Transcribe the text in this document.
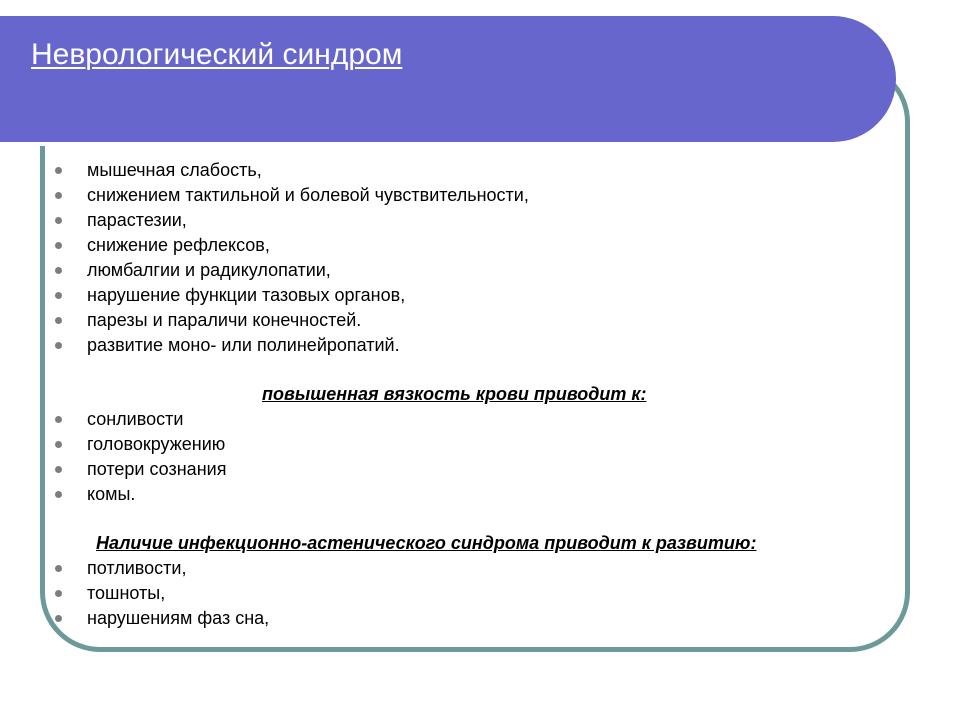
Неврологический синдром
мышечная слабость,
снижением тактильной и болевой чувствительности,
парастезии,
снижение рефлексов,
люмбалгии и радикулопатии,
нарушение функции тазовых органов,
парезы и параличи конечностей.
развитие моно- или полинейропатий.

повышенная вязкость крови приводит к:

сонливости
головокружению
потери сознания
комы.

Наличие инфекционно-астенического синдрома приводит к развитию:

потливости,
тошноты,
нарушениям фаз сна,
